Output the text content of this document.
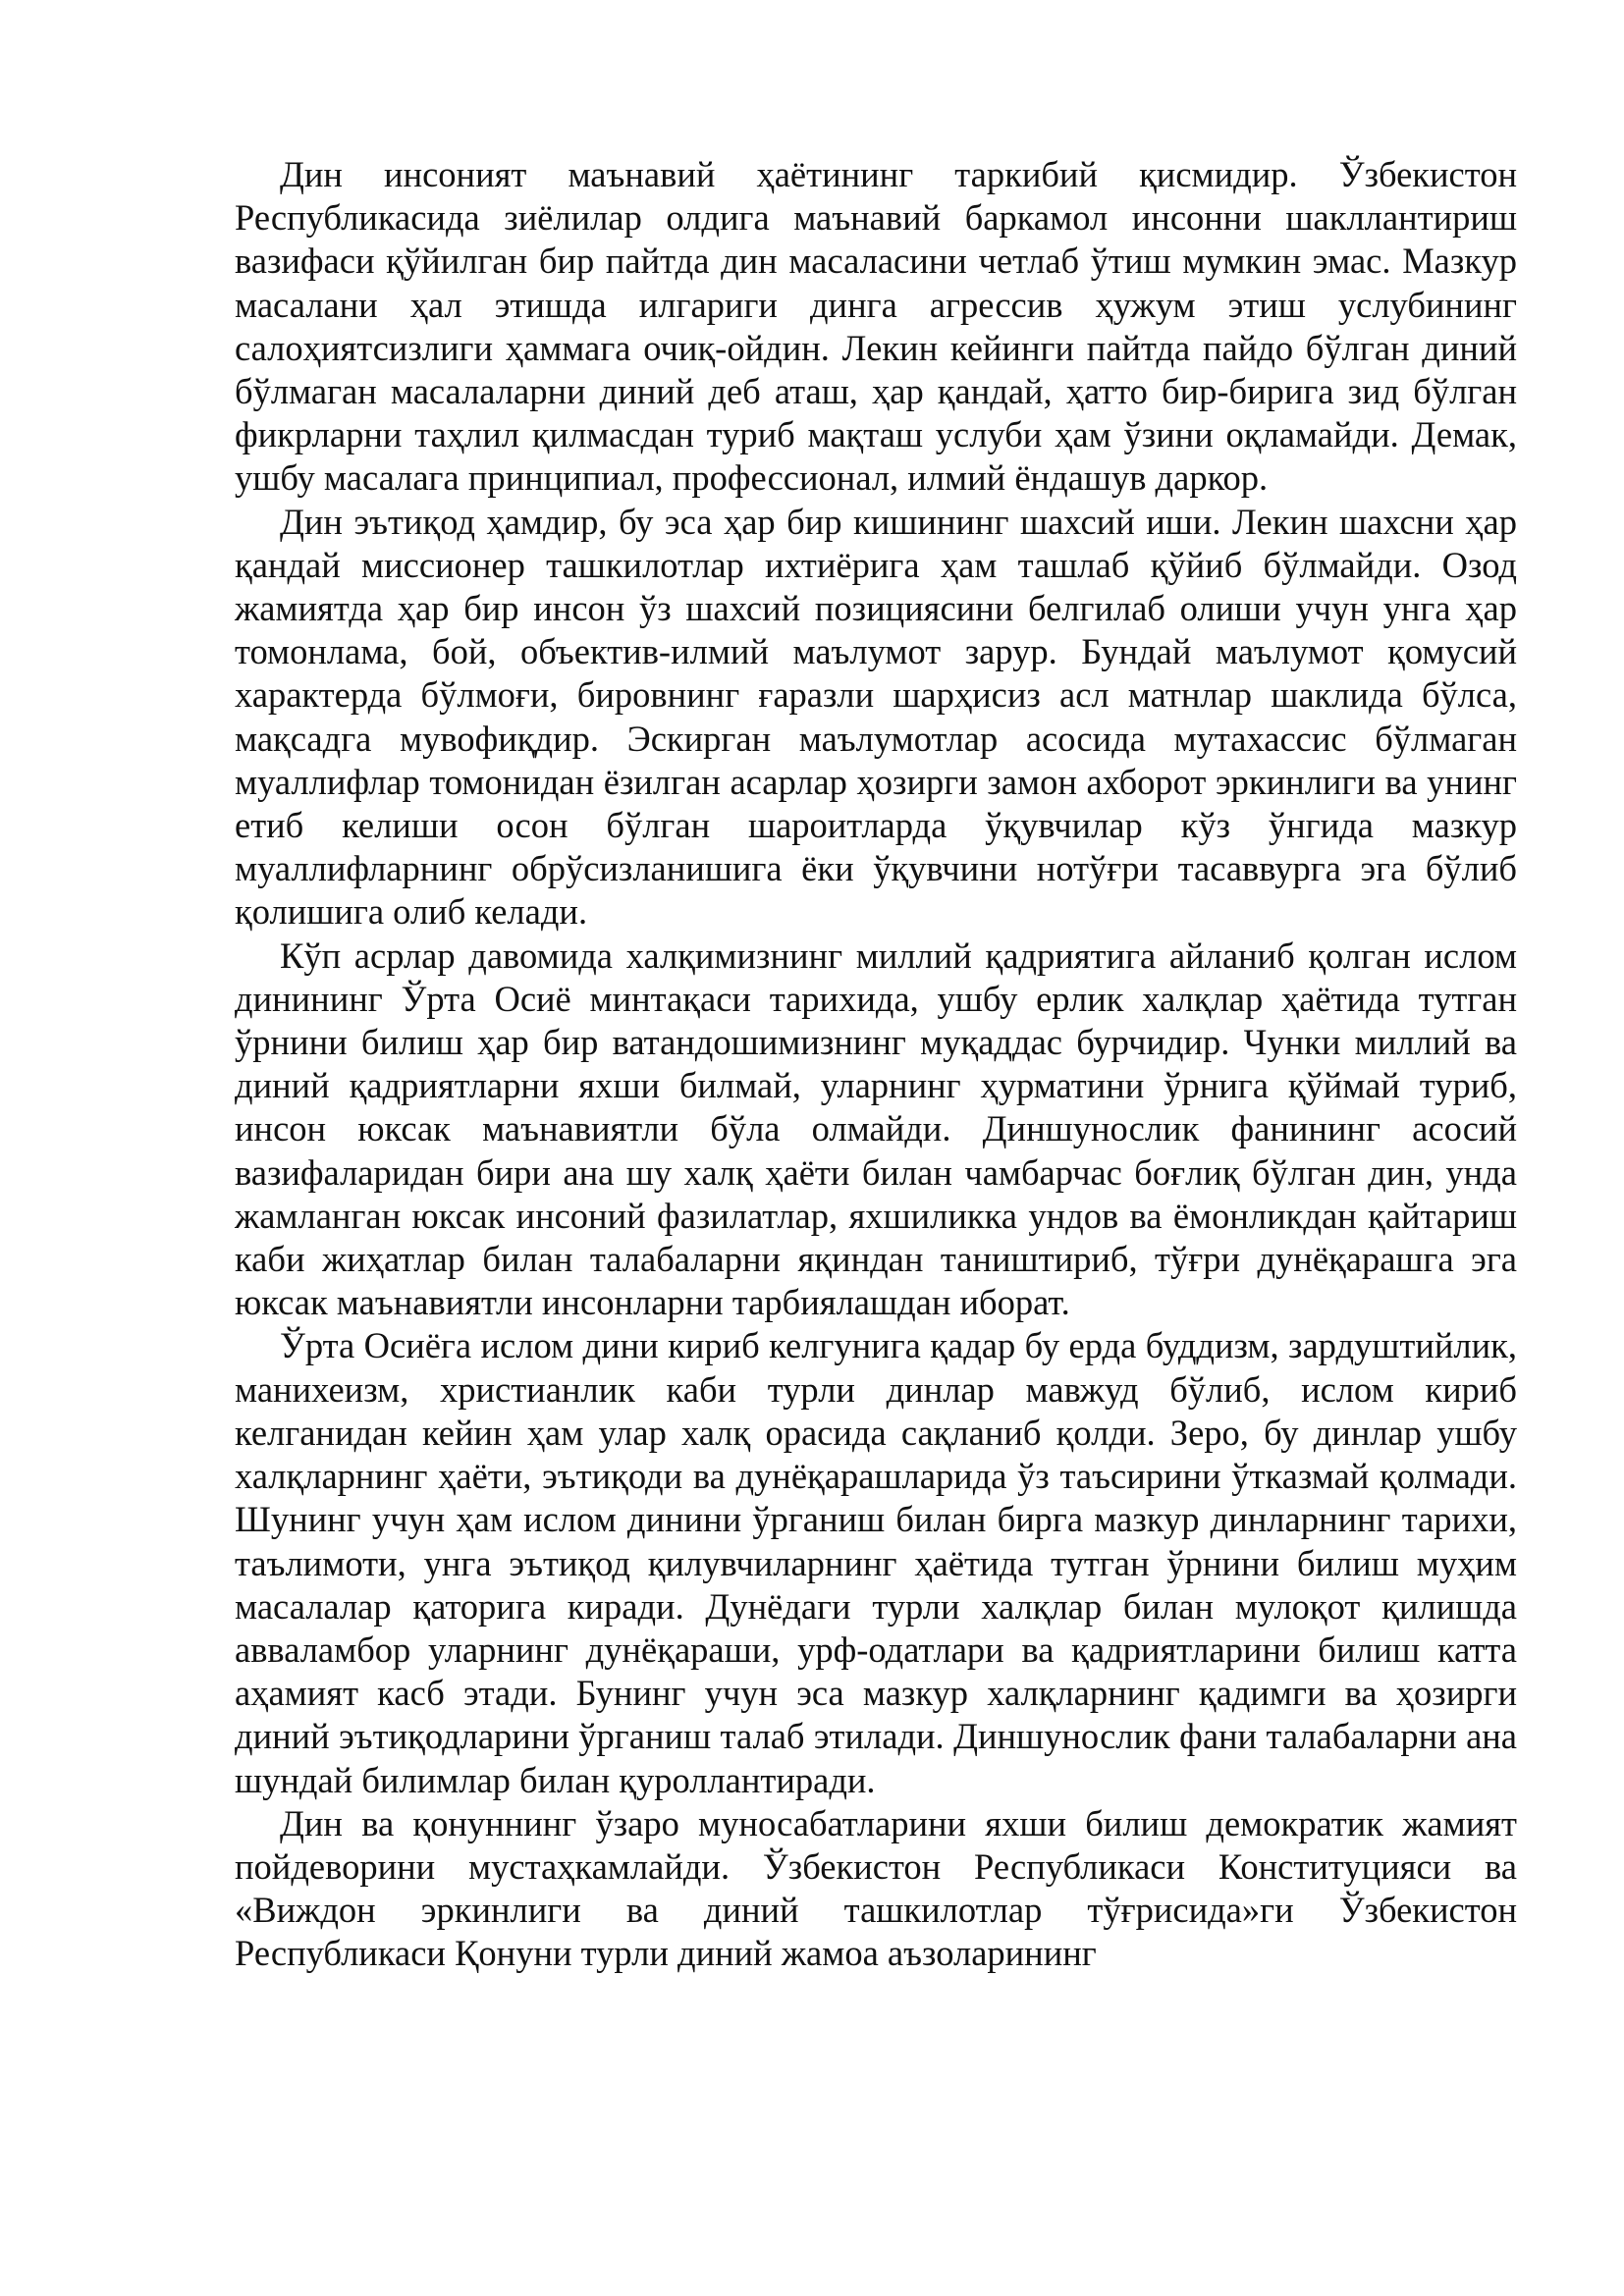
Дин инсоният маънавий ҳаётининг таркибий қисмидир. Ўзбекистон Республикасида зиёлилар олдига маънавий баркамол инсонни шакллантириш вазифаси қўйилган бир пайтда дин масаласини четлаб ўтиш мумкин эмас. Мазкур масалани ҳал этишда илгариги динга агрессив ҳужум этиш услубининг салоҳиятсизлиги ҳаммага очиқ-ойдин. Лекин кейинги пайтда пайдо бўлган диний бўлмаган масалаларни диний деб аташ, ҳар қандай, ҳатто бир-бирига зид бўлган фикрларни таҳлил қилмасдан туриб мақташ услуби ҳам ўзини оқламайди. Демак, ушбу масалага принципиал, профессионал, илмий ёндашув даркор.

Дин эътиқод ҳамдир, бу эса ҳар бир кишининг шахсий иши. Лекин шахсни ҳар қандай миссионер ташкилотлар ихтиёрига ҳам ташлаб қўйиб бўлмайди. Озод жамиятда ҳар бир инсон ўз шахсий позициясини белгилаб олиши учун унга ҳар томонлама, бой, объектив-илмий маълумот зарур. Бундай маълумот қомусий характерда бўлмоғи, бировнинг ғаразли шарҳисиз асл матнлар шаклида бўлса, мақсадга мувофиқдир. Эскирган маълумотлар асосида мутахассис бўлмаган муаллифлар томонидан ёзилган асарлар ҳозирги замон ахборот эркинлиги ва унинг етиб келиши осон бўлган шароитларда ўқувчилар кўз ўнгида мазкур муаллифларнинг обрўсизланишига ёки ўқувчини нотўғри тасаввурга эга бўлиб қолишига олиб келади.

Кўп асрлар давомида халқимизнинг миллий қадриятига айланиб қолган ислом динининг Ўрта Осиё минтақаси тарихида, ушбу ерлик халқлар ҳаётида тутган ўрнини билиш ҳар бир ватандошимизнинг муқаддас бурчидир. Чунки миллий ва диний қадриятларни яхши билмай, уларнинг ҳурматини ўрнига қўймай туриб, инсон юксак маънавиятли бўла олмайди. Диншунослик фанининг асосий вазифаларидан бири ана шу халқ ҳаёти билан чамбарчас боғлиқ бўлган дин, унда жамланган юксак инсоний фазилатлар, яхшиликка ундов ва ёмонликдан қайтариш каби жиҳатлар билан талабаларни яқиндан таништириб, тўғри дунёқарашга эга юксак маънавиятли инсонларни тарбиялашдан иборат.

Ўрта Осиёга ислом дини кириб келгунига қадар бу ерда буддизм, зардуштийлик, манихеизм, христианлик каби турли динлар мавжуд бўлиб, ислом кириб келганидан кейин ҳам улар халқ орасида сақланиб қолди. Зеро, бу динлар ушбу халқларнинг ҳаёти, эътиқоди ва дунёқарашларида ўз таъсирини ўтказмай қолмади. Шунинг учун ҳам ислом динини ўрганиш билан бирга мазкур динларнинг тарихи, таълимоти, унга эътиқод қилувчиларнинг ҳаётида тутган ўрнини билиш муҳим масалалар қаторига киради. Дунёдаги турли халқлар билан мулоқот қилишда авваламбор уларнинг дунёқараши, урф-одатлари ва қадриятларини билиш катта аҳамият касб этади. Бунинг учун эса мазкур халқларнинг қадимги ва ҳозирги диний эътиқодларини ўрганиш талаб этилади. Диншунослик фани талабаларни ана шундай билимлар билан қуроллантиради.

Дин ва қонуннинг ўзаро муносабатларини яхши билиш демократик жамият пойдеворини мустаҳкамлайди. Ўзбекистон Республикаси Конституцияси ва «Виждон эркинлиги ва диний ташкилотлар тўғрисида»ги Ўзбекистон Республикаси Қонуни турли диний жамоа аъзоларининг
